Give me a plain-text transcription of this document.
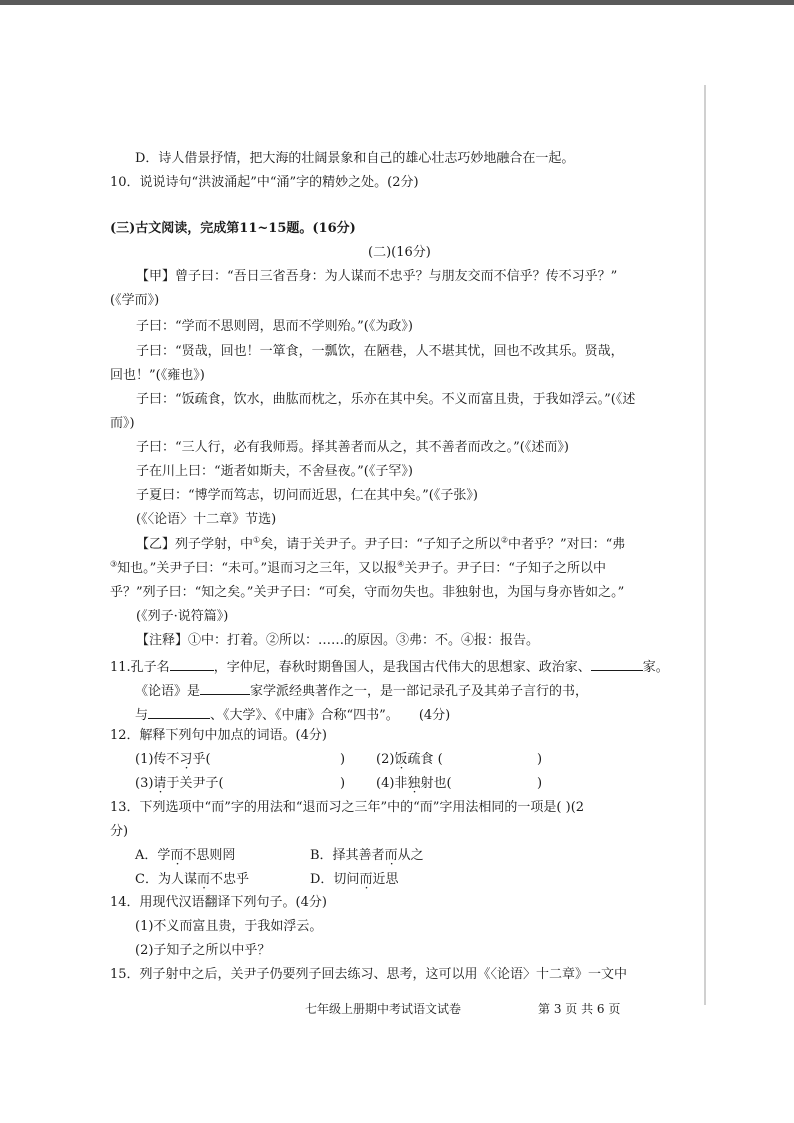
D．诗人借景抒情，把大海的壮阔景象和自己的雄心壮志巧妙地融合在一起。
10．说说诗句“洪波涌起”中“涌”字的精妙之处。(2分)
(三)古文阅读，完成第11~15题。(16分)
(二)(16分)
【甲】曾子曰：“吾日三省吾身：为人谋而不忠乎？与朋友交而不信乎？传不习乎？”
(《学而》)
子曰：“学而不思则罔，思而不学则殆。”(《为政》)
子曰：“贤哉，回也！一箪食，一瓢饮，在陋巷，人不堪其忧，回也不改其乐。贤哉，
回也！”(《雍也》)
子曰：“饭疏食，饮水，曲肱而枕之，乐亦在其中矣。不义而富且贵，于我如浮云。”(《述
而》)
子曰：“三人行，必有我师焉。择其善者而从之，其不善者而改之。”(《述而》)
子在川上曰：“逝者如斯夫，不舍昼夜。”(《子罕》)
子夏曰：“博学而笃志，切问而近思，仁在其中矣。”(《子张》)
(《〈论语〉十二章》节选)
【乙】列子学射，中①矣，请于关尹子。尹子曰：“子知子之所以②中者乎？”对曰：“弗
③知也。”关尹子曰：“未可。”退而习之三年，又以报④关尹子。尹子曰：“子知子之所以中
乎？”列子曰：“知之矣。”关尹子曰：“可矣，守而勿失也。非独射也，为国与身亦皆如之。”
(《列子·说符篇》)
【注释】①中：打着。②所以：……的原因。③弗：不。④报：报告。
11.孔子名	，字仲尼，春秋时期鲁国人，是我国古代伟大的思想家、政治家、	家。
《论语》是	家学派经典著作之一，是一部记录孔子及其弟子言行的书，
与	、《大学》、《中庸》合称“四书”。 (4分)
12．解释下列句中加点的词语。(4分)
(1)传不习乎(	) (2)饭疏食 (	)
(3)请于关尹子(	) (4)非独射也(	)
13．下列选项中“而”字的用法和“退而习之三年”中的“而”字用法相同的一项是( )(2
分)
A．学而不思则罔	B．择其善者而从之
C．为人谋而不忠乎	D．切问而近思
14．用现代汉语翻译下列句子。(4分)
(1)不义而富且贵，于我如浮云。
(2)子知子之所以中乎？
15．列子射中之后，关尹子仍要列子回去练习、思考，这可以用《〈论语〉十二章》一文中
七年级上册期中考试语文试卷	第 3 页 共 6 页
